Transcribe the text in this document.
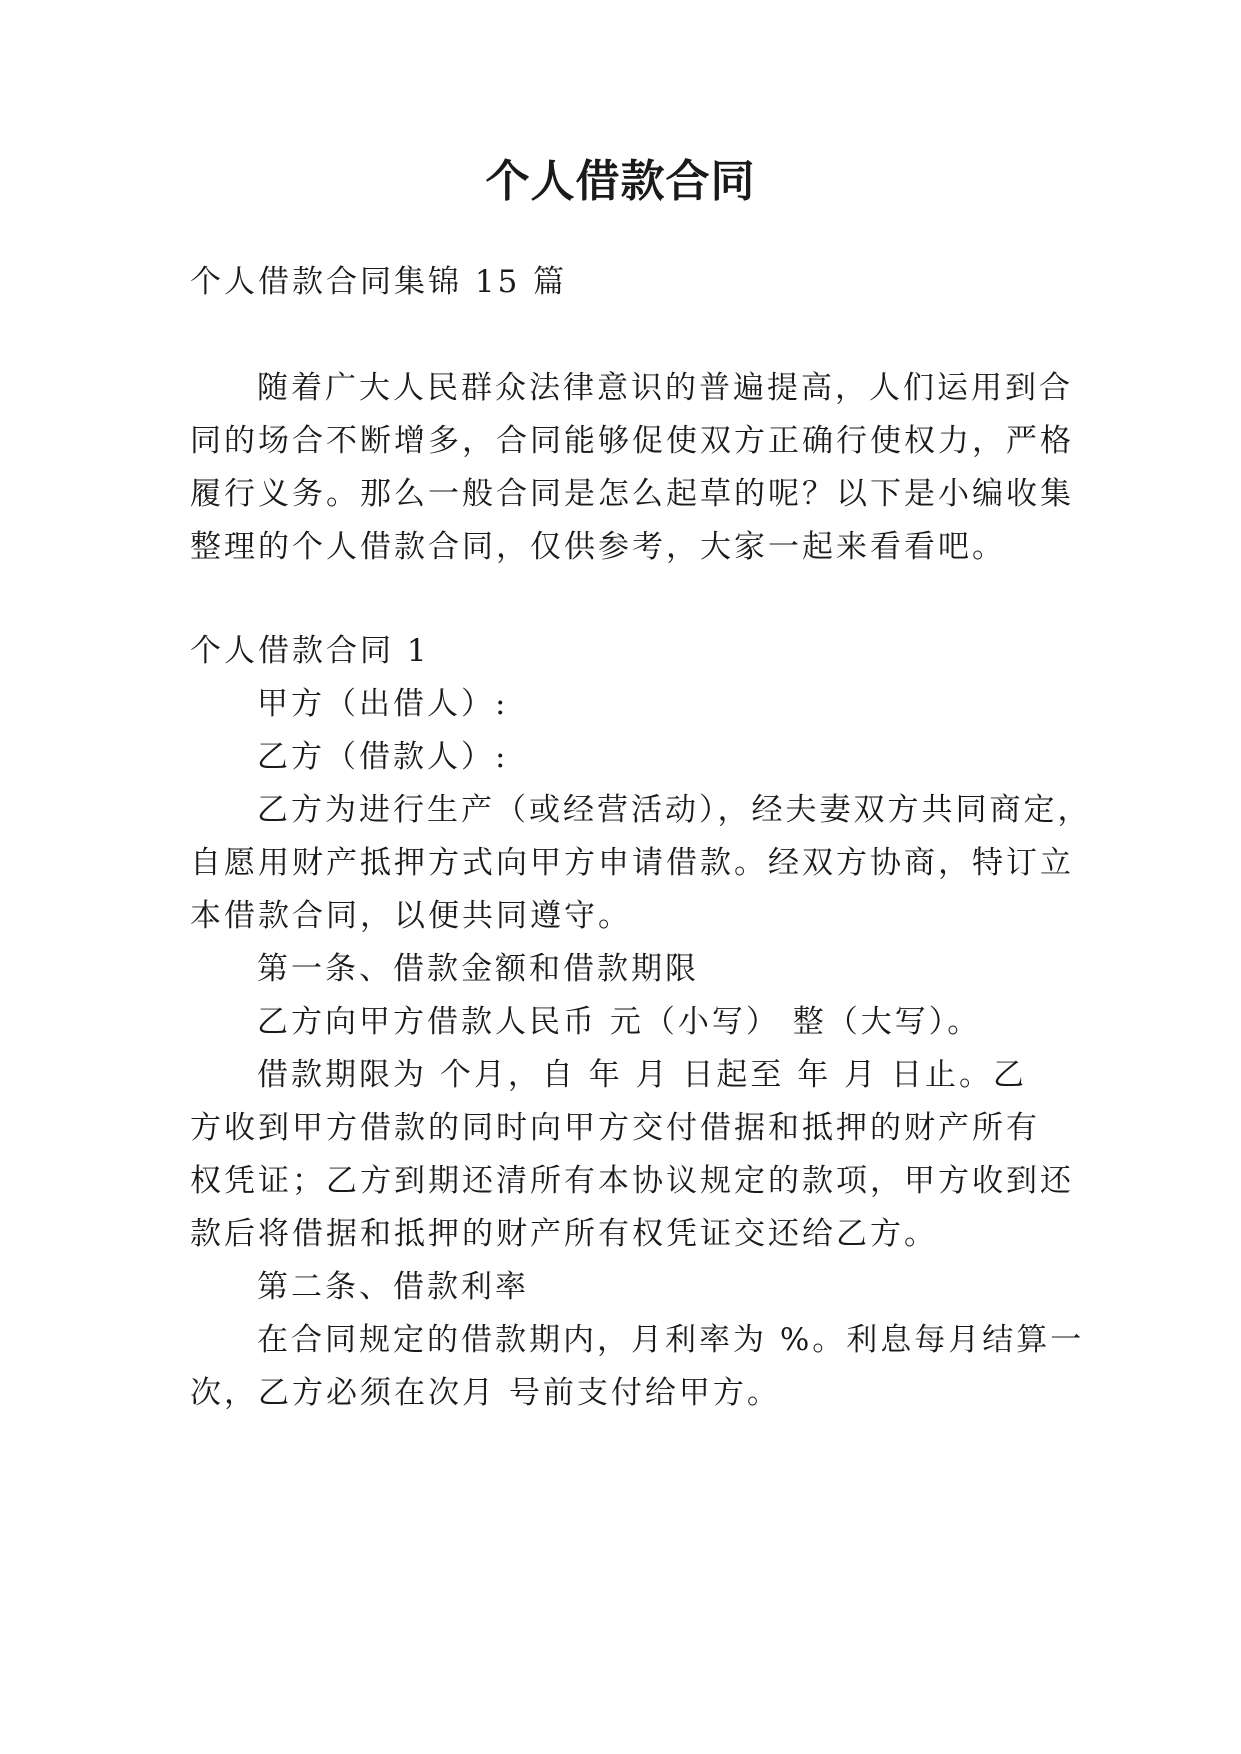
个人借款合同
个人借款合同集锦 15 篇
随着广大人民群众法律意识的普遍提高，人们运用到合
同的场合不断增多，合同能够促使双方正确行使权力，严格
履行义务。那么一般合同是怎么起草的呢？以下是小编收集
整理的个人借款合同，仅供参考，大家一起来看看吧。
个人借款合同 1
甲方（出借人）:
乙方（借款人）:
乙方为进行生产（或经营活动），经夫妻双方共同商定，
自愿用财产抵押方式向甲方申请借款。经双方协商，特订立
本借款合同，以便共同遵守。
第一条、借款金额和借款期限
乙方向甲方借款人民币 元（小写） 整（大写）。
借款期限为 个月，自 年 月 日起至 年 月 日止。乙
方收到甲方借款的同时向甲方交付借据和抵押的财产所有
权凭证；乙方到期还清所有本协议规定的款项，甲方收到还
款后将借据和抵押的财产所有权凭证交还给乙方。
第二条、借款利率
在合同规定的借款期内，月利率为 %。利息每月结算一
次，乙方必须在次月 号前支付给甲方。
